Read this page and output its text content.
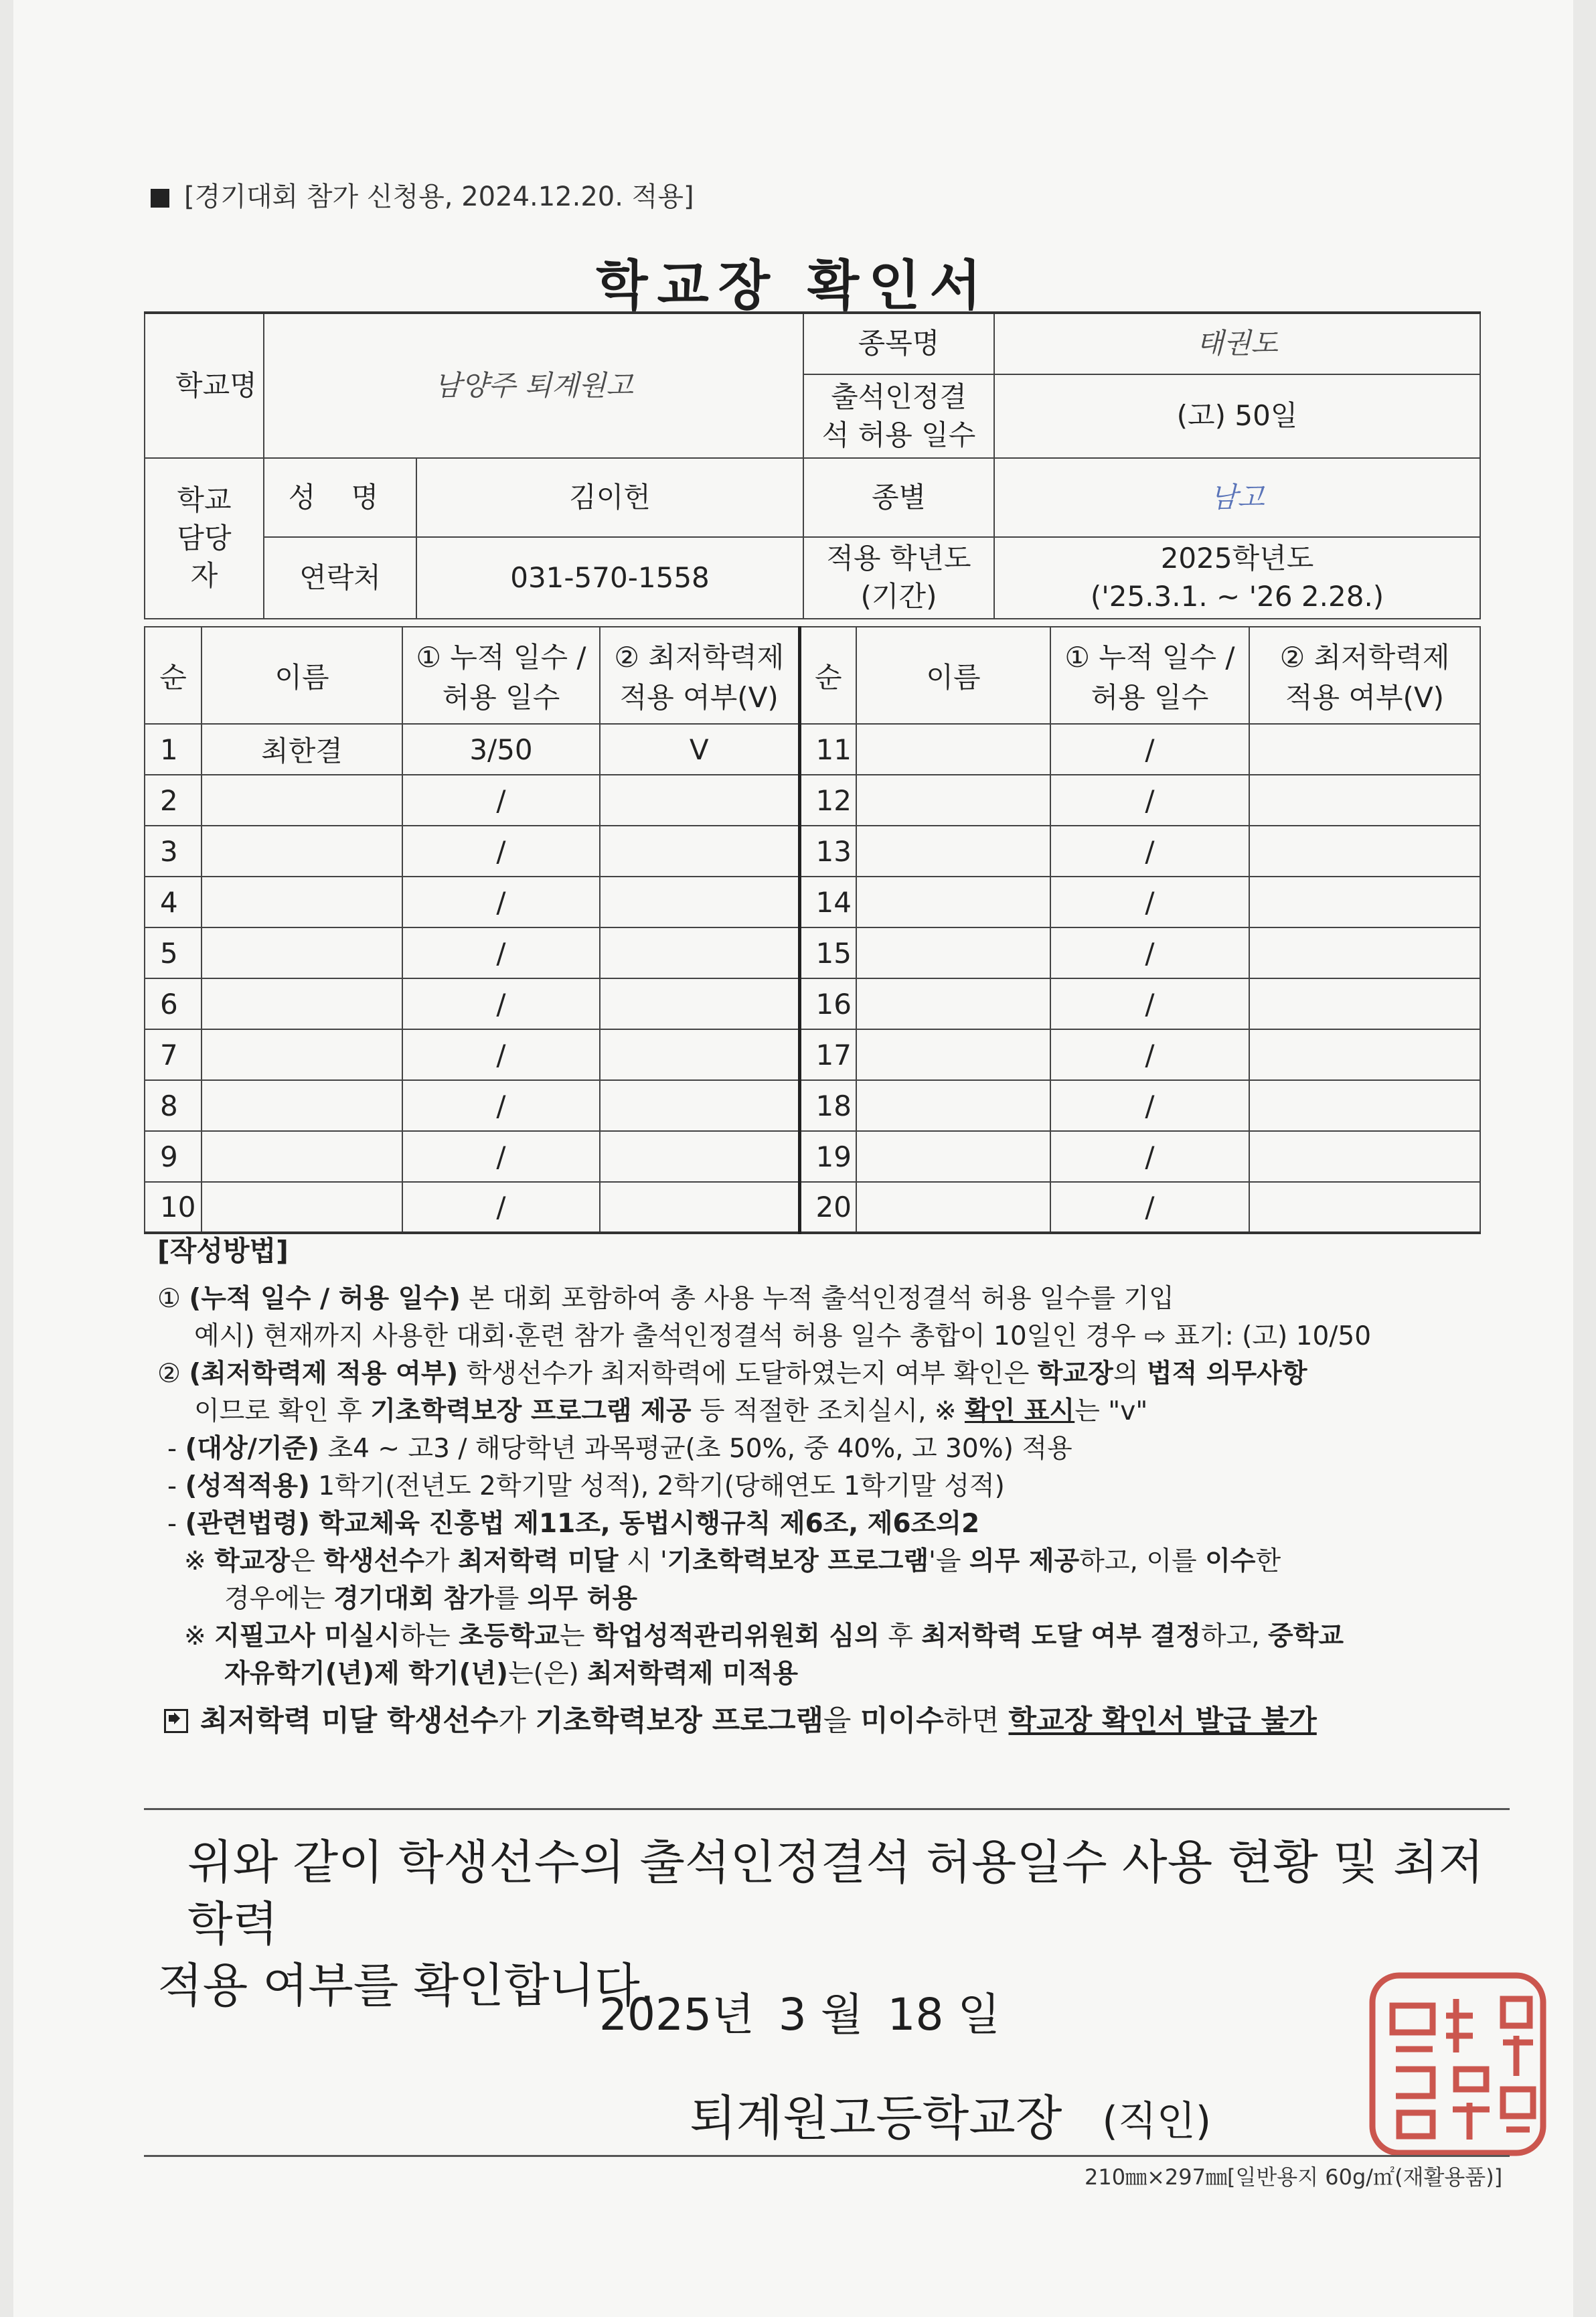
[경기대회 참가 신청용, 2024.12.20. 적용]
학교장 확인서
학교명	남양주 퇴계원고		종목명	태권도
			출석인정결석 허용 일수	(고) 50일
학교 담당자	성 명	김이헌	종별	남고
	연락처	031-570-1558	적용 학년도 (기간)	2025학년도
('25.3.1. ~ '26 2.28.)
순	이름	① 누적 일수 / 허용 일수	② 최저학력제 적용 여부(V)	순	이름	① 누적 일수 / 허용 일수	② 최저학력제 적용 여부(V)
1	최한결	3/50	V	11		/	
2		/		12		/	
3		/		13		/	
4		/		14		/	
5		/		15		/	
6		/		16		/	
7		/		17		/	
8		/		18		/	
9		/		19		/	
10		/		20		/	
[작성방법]
① (누적 일수 / 허용 일수) 본 대회 포함하여 총 사용 누적 출석인정결석 허용 일수를 기입
예시) 현재까지 사용한 대회·훈련 참가 출석인정결석 허용 일수 총합이 10일인 경우 ⇨ 표기: (고) 10/50
② (최저학력제 적용 여부) 학생선수가 최저학력에 도달하였는지 여부 확인은 학교장의 법적 의무사항
이므로 확인 후 기초학력보장 프로그램 제공 등 적절한 조치실시, ※ 확인 표시는 "v"
- (대상/기준) 초4 ~ 고3 / 해당학년 과목평균(초 50%, 중 40%, 고 30%) 적용
- (성적적용) 1학기(전년도 2학기말 성적), 2학기(당해연도 1학기말 성적)
- (관련법령) 학교체육 진흥법 제11조, 동법시행규칙 제6조, 제6조의2
※ 학교장은 학생선수가 최저학력 미달 시 '기초학력보장 프로그램'을 의무 제공하고, 이를 이수한
경우에는 경기대회 참가를 의무 허용
※ 지필고사 미실시하는 초등학교는 학업성적관리위원회 심의 후 최저학력 도달 여부 결정하고, 중학교
자유학기(년)제 학기(년)는(은) 최저학력제 미적용
최저학력 미달 학생선수가 기초학력보장 프로그램을 미이수하면 학교장 확인서 발급 불가
위와 같이 학생선수의 출석인정결석 허용일수 사용 현황 및 최저학력
적용 여부를 확인합니다.
2025년 3 월 18 일
퇴계원고등학교장 (직인)
210㎜×297㎜[일반용지 60g/㎡(재활용품)]
